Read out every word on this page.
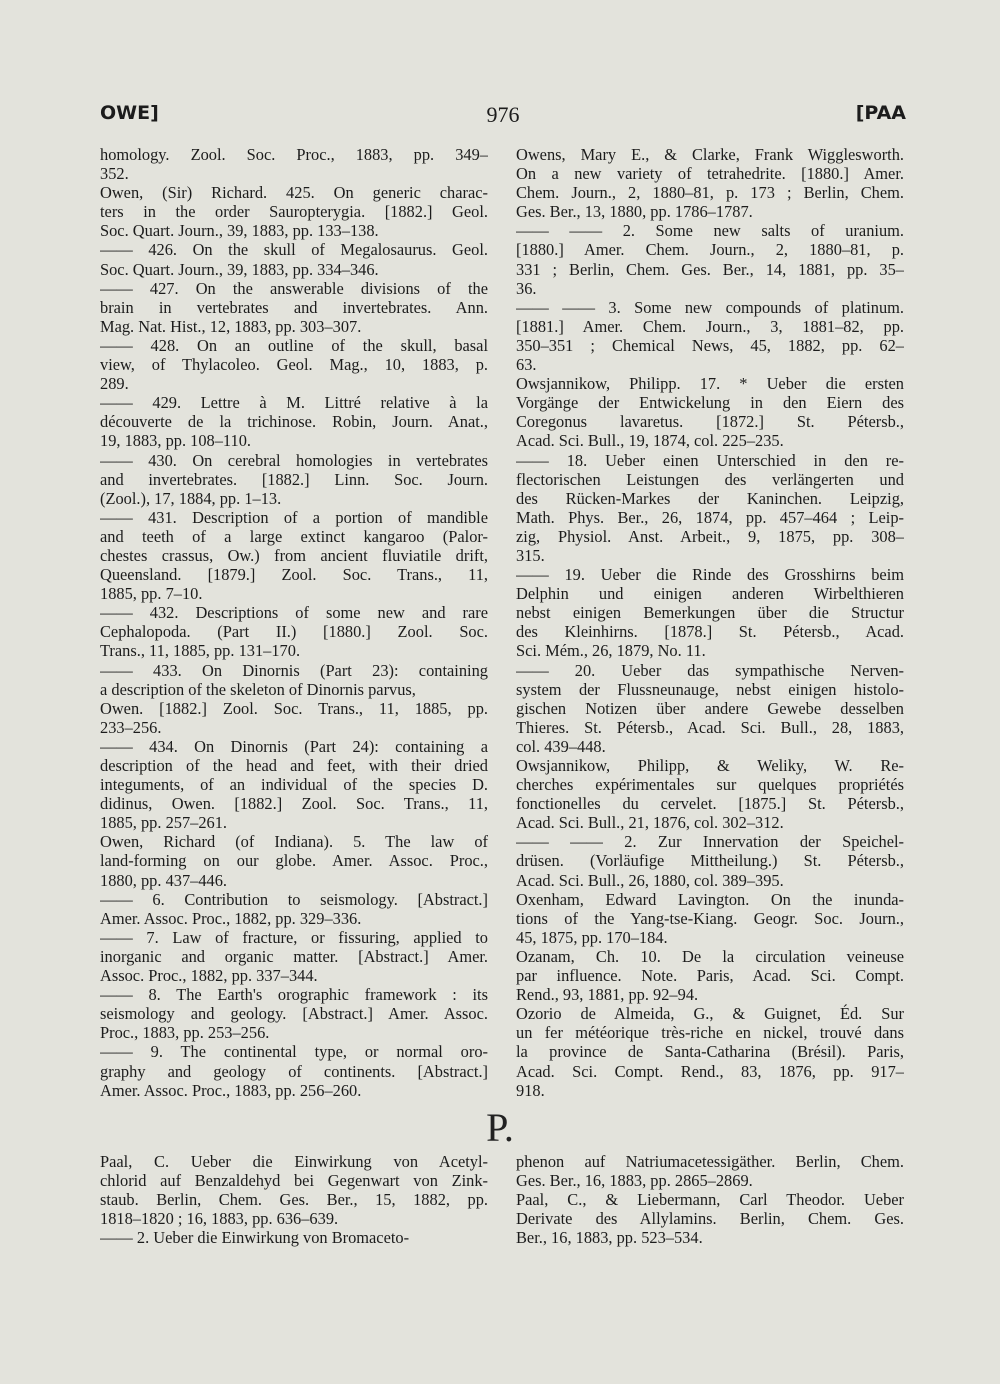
OWE]	976	[PAA
homology. Zool. Soc. Proc., 1883, pp. 349–
352.
Owen, (Sir) Richard. 425. On generic charac-
ters in the order Sauropterygia. [1882.] Geol.
Soc. Quart. Journ., 39, 1883, pp. 133–138.
—— 426. On the skull of Megalosaurus. Geol.
Soc. Quart. Journ., 39, 1883, pp. 334–346.
—— 427. On the answerable divisions of the
brain in vertebrates and invertebrates. Ann.
Mag. Nat. Hist., 12, 1883, pp. 303–307.
—— 428. On an outline of the skull, basal
view, of Thylacoleo. Geol. Mag., 10, 1883, p.
289.
—— 429. Lettre à M. Littré relative à la
découverte de la trichinose. Robin, Journ. Anat.,
19, 1883, pp. 108–110.
—— 430. On cerebral homologies in vertebrates
and invertebrates. [1882.] Linn. Soc. Journ.
(Zool.), 17, 1884, pp. 1–13.
—— 431. Description of a portion of mandible
and teeth of a large extinct kangaroo (Palor-
chestes crassus, Ow.) from ancient fluviatile drift,
Queensland. [1879.] Zool. Soc. Trans., 11,
1885, pp. 7–10.
—— 432. Descriptions of some new and rare
Cephalopoda. (Part II.) [1880.] Zool. Soc.
Trans., 11, 1885, pp. 131–170.
—— 433. On Dinornis (Part 23): containing
a description of the skeleton of Dinornis parvus,
Owen. [1882.] Zool. Soc. Trans., 11, 1885, pp.
233–256.
—— 434. On Dinornis (Part 24): containing a
description of the head and feet, with their dried
integuments, of an individual of the species D.
didinus, Owen. [1882.] Zool. Soc. Trans., 11,
1885, pp. 257–261.
Owen, Richard (of Indiana). 5. The law of
land-forming on our globe. Amer. Assoc. Proc.,
1880, pp. 437–446.
—— 6. Contribution to seismology. [Abstract.]
Amer. Assoc. Proc., 1882, pp. 329–336.
—— 7. Law of fracture, or fissuring, applied to
inorganic and organic matter. [Abstract.] Amer.
Assoc. Proc., 1882, pp. 337–344.
—— 8. The Earth's orographic framework : its
seismology and geology. [Abstract.] Amer. Assoc.
Proc., 1883, pp. 253–256.
—— 9. The continental type, or normal oro-
graphy and geology of continents. [Abstract.]
Amer. Assoc. Proc., 1883, pp. 256–260.
Owens, Mary E., & Clarke, Frank Wigglesworth.
On a new variety of tetrahedrite. [1880.] Amer.
Chem. Journ., 2, 1880–81, p. 173 ; Berlin, Chem.
Ges. Ber., 13, 1880, pp. 1786–1787.
—— —— 2. Some new salts of uranium.
[1880.] Amer. Chem. Journ., 2, 1880–81, p.
331 ; Berlin, Chem. Ges. Ber., 14, 1881, pp. 35–
36.
—— —— 3. Some new compounds of platinum.
[1881.] Amer. Chem. Journ., 3, 1881–82, pp.
350–351 ; Chemical News, 45, 1882, pp. 62–
63.
Owsjannikow, Philipp. 17. * Ueber die ersten
Vorgänge der Entwickelung in den Eiern des
Coregonus lavaretus. [1872.] St. Pétersb.,
Acad. Sci. Bull., 19, 1874, col. 225–235.
—— 18. Ueber einen Unterschied in den re-
flectorischen Leistungen des verlängerten und
des Rücken-Markes der Kaninchen. Leipzig,
Math. Phys. Ber., 26, 1874, pp. 457–464 ; Leip-
zig, Physiol. Anst. Arbeit., 9, 1875, pp. 308–
315.
—— 19. Ueber die Rinde des Grosshirns beim
Delphin und einigen anderen Wirbelthieren
nebst einigen Bemerkungen über die Structur
des Kleinhirns. [1878.] St. Pétersb., Acad.
Sci. Mém., 26, 1879, No. 11.
—— 20. Ueber das sympathische Nerven-
system der Flussneunauge, nebst einigen histolo-
gischen Notizen über andere Gewebe desselben
Thieres. St. Pétersb., Acad. Sci. Bull., 28, 1883,
col. 439–448.
Owsjannikow, Philipp, & Weliky, W. Re-
cherches expérimentales sur quelques propriétés
fonctionelles du cervelet. [1875.] St. Pétersb.,
Acad. Sci. Bull., 21, 1876, col. 302–312.
—— —— 2. Zur Innervation der Speichel-
drüsen. (Vorläufige Mittheilung.) St. Pétersb.,
Acad. Sci. Bull., 26, 1880, col. 389–395.
Oxenham, Edward Lavington. On the inunda-
tions of the Yang-tse-Kiang. Geogr. Soc. Journ.,
45, 1875, pp. 170–184.
Ozanam, Ch. 10. De la circulation veineuse
par influence. Note. Paris, Acad. Sci. Compt.
Rend., 93, 1881, pp. 92–94.
Ozorio de Almeida, G., & Guignet, Éd. Sur
un fer météorique très-riche en nickel, trouvé dans
la province de Santa-Catharina (Brésil). Paris,
Acad. Sci. Compt. Rend., 83, 1876, pp. 917–
918.
P.
Paal, C. Ueber die Einwirkung von Acetyl-
chlorid auf Benzaldehyd bei Gegenwart von Zink-
staub. Berlin, Chem. Ges. Ber., 15, 1882, pp.
1818–1820 ; 16, 1883, pp. 636–639.
—— 2. Ueber die Einwirkung von Bromaceto-
phenon auf Natriumacetessigäther. Berlin, Chem.
Ges. Ber., 16, 1883, pp. 2865–2869.
Paal, C., & Liebermann, Carl Theodor. Ueber
Derivate des Allylamins. Berlin, Chem. Ges.
Ber., 16, 1883, pp. 523–534.
